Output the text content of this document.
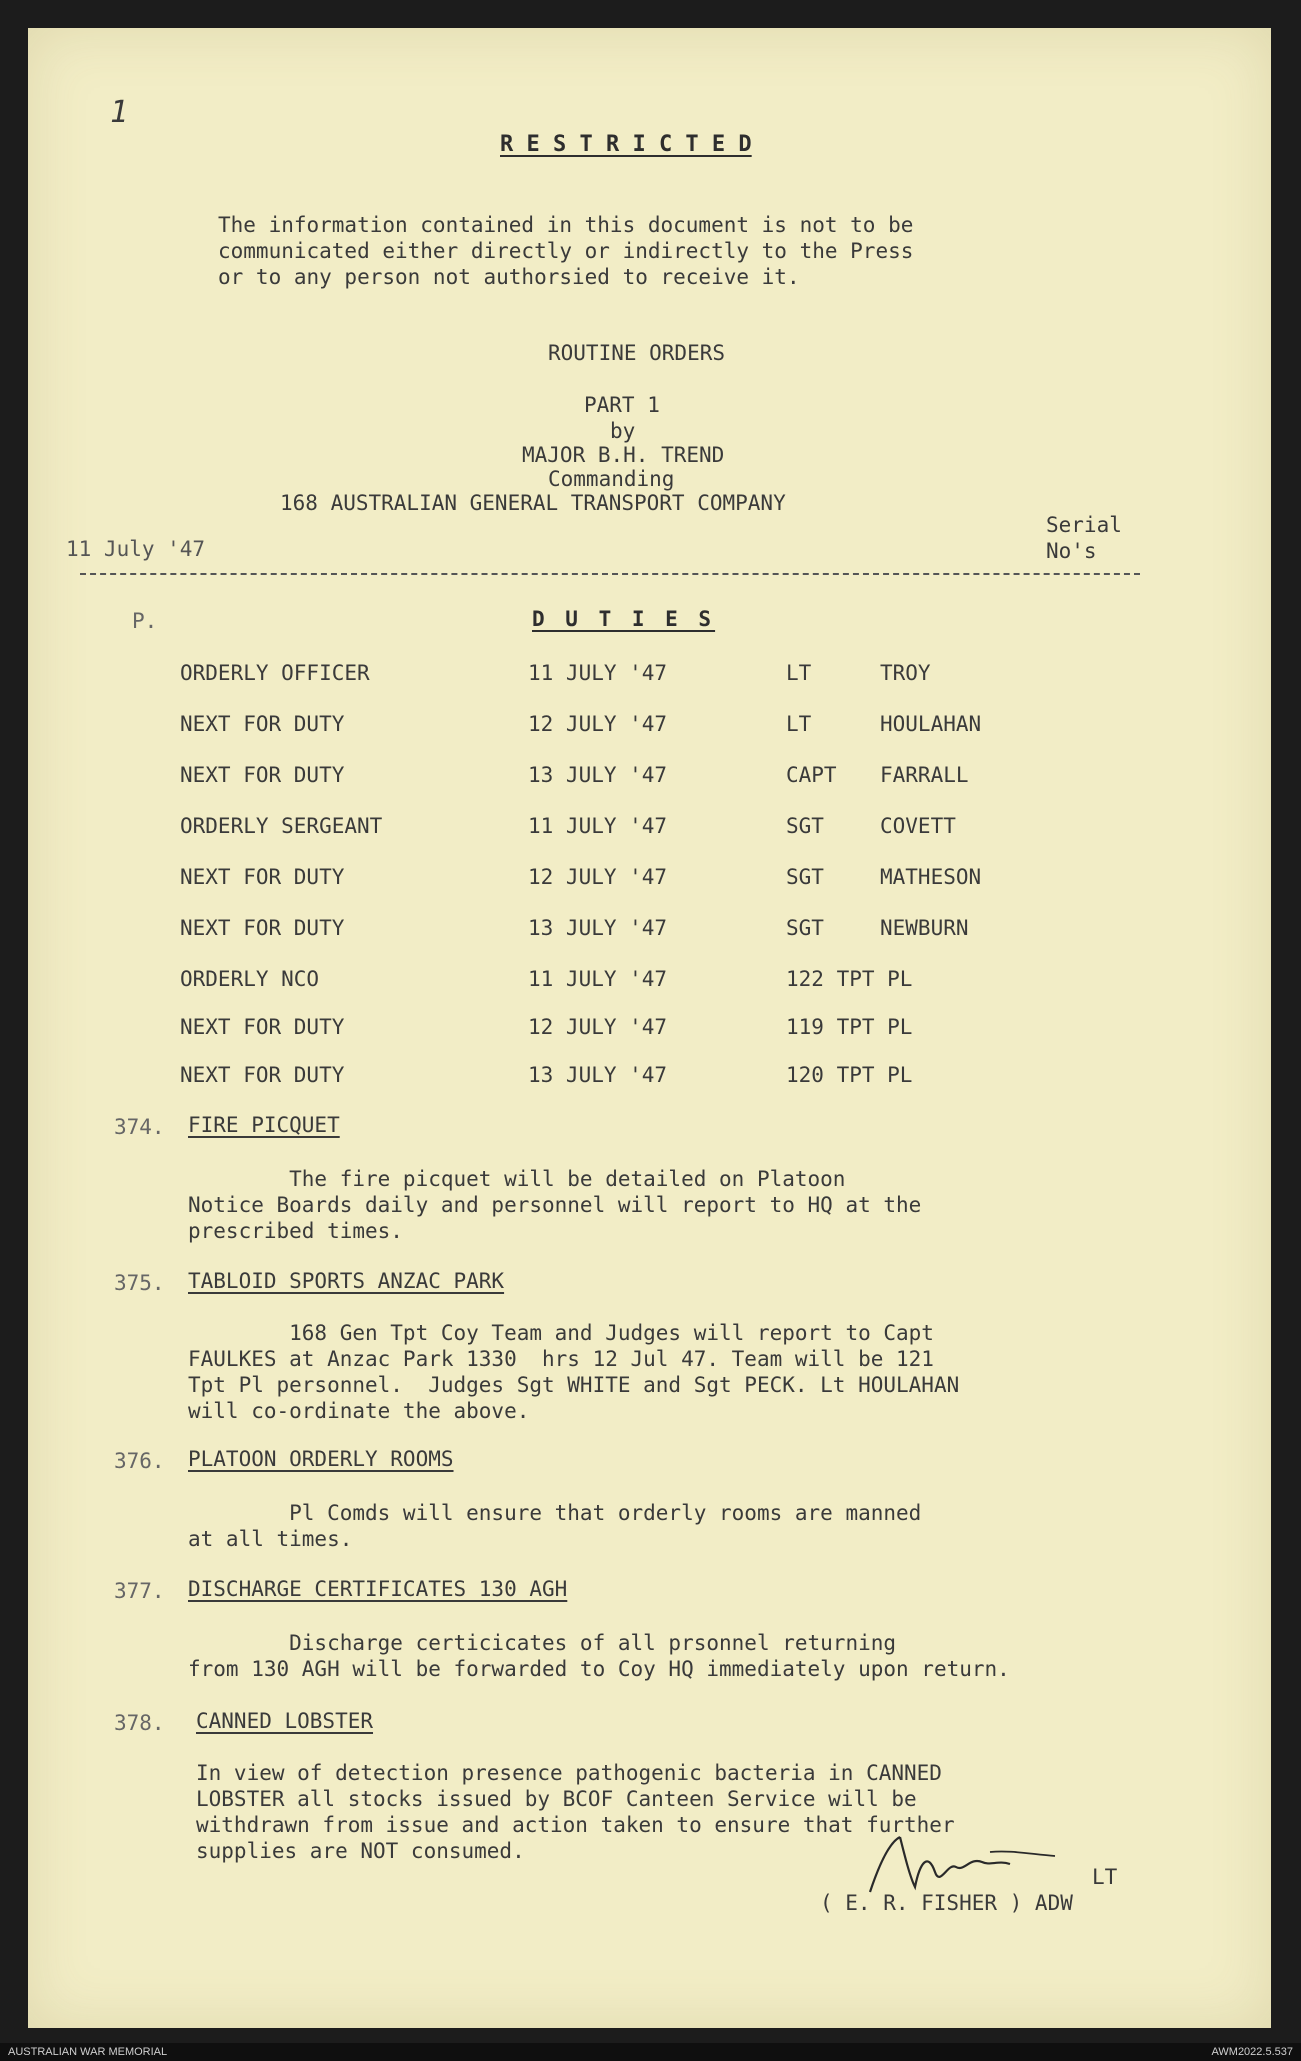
1
R E S T R I C T E D
The information contained in this document is not to be
communicated either directly or indirectly to the Press
or to any person not authorsied to receive it.
ROUTINE ORDERS
PART 1
by
MAJOR B.H. TREND
Commanding
168 AUSTRALIAN GENERAL TRANSPORT COMPANY
11 July '47
Serial
No's
P.	D U T I E S
ORDERLY OFFICER	11 JULY '47	LT	TROY
NEXT FOR DUTY	12 JULY '47	LT	HOULAHAN
NEXT FOR DUTY	13 JULY '47	CAPT FARRALL
ORDERLY SERGEANT	11 JULY '47	SGT	COVETT
NEXT FOR DUTY	12 JULY '47	SGT	MATHESON
NEXT FOR DUTY	13 JULY '47	SGT	NEWBURN
ORDERLY NCO	11 JULY '47	122 TPT PL
NEXT FOR DUTY	12 JULY '47	119 TPT PL
NEXT FOR DUTY	13 JULY '47	120 TPT PL
374. FIRE PICQUET
The fire picquet will be detailed on Platoon
Notice Boards daily and personnel will report to HQ at the
prescribed times.
375. TABLOID SPORTS ANZAC PARK
168 Gen Tpt Coy Team and Judges will report to Capt
FAULKES at Anzac Park 1330  hrs 12 Jul 47. Team will be 121
Tpt Pl personnel.  Judges Sgt WHITE and Sgt PECK. Lt HOULAHAN
will co-ordinate the above.
376. PLATOON ORDERLY ROOMS
Pl Comds will ensure that orderly rooms are manned
at all times.
377. DISCHARGE CERTIFICATES 130 AGH
Discharge certicicates of all prsonnel returning
from 130 AGH will be forwarded to Coy HQ immediately upon return.
378. CANNED LOBSTER
In view of detection presence pathogenic bacteria in CANNED
LOBSTER all stocks issued by BCOF Canteen Service will be
withdrawn from issue and action taken to ensure that further
supplies are NOT consumed.
LT
( E. R. FISHER ) ADW
AUSTRALIAN WAR MEMORIAL	AWM2022.5.537
